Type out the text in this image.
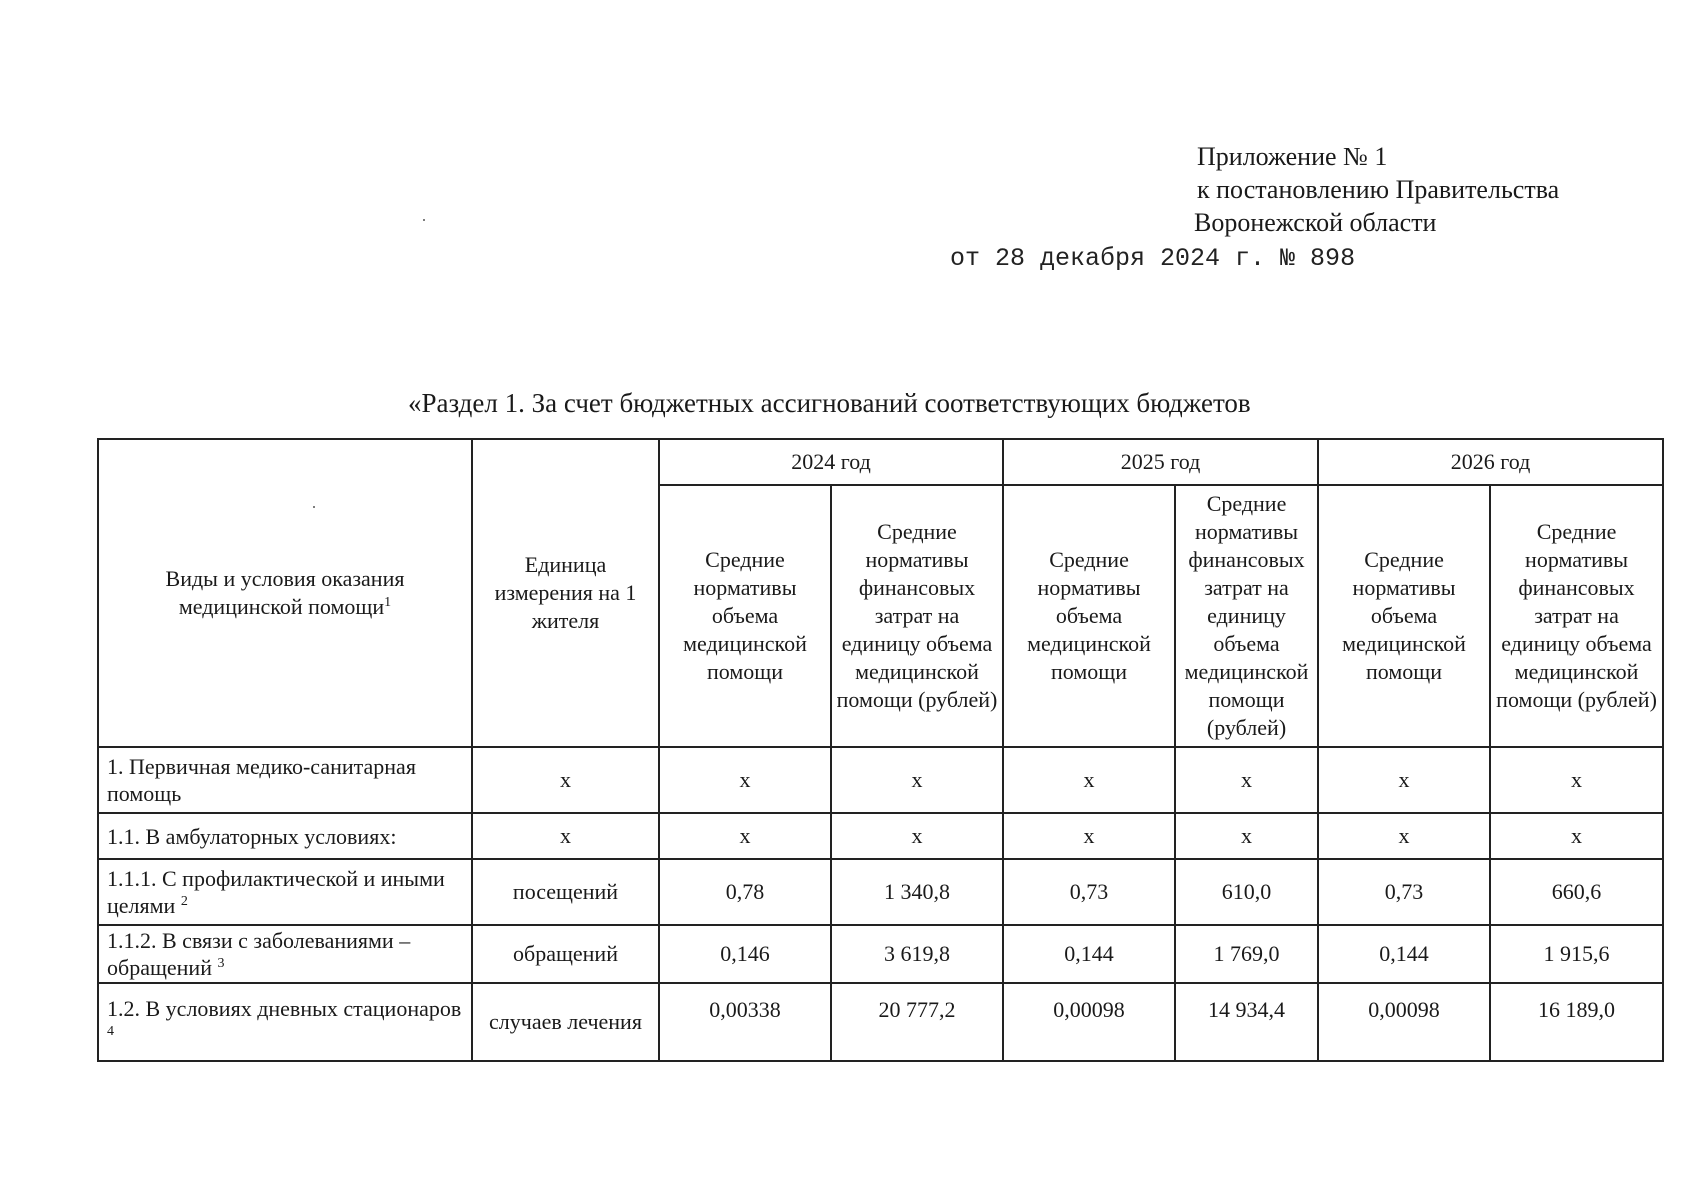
Приложение № 1
к постановлению Правительства
Воронежской области
от 28 декабря 2024 г. № 898
«Раздел 1. За счет бюджетных ассигнований соответствующих бюджетов
Виды и условия оказания медицинской помощи$^1$	Единица измерения на 1 жителя	2024 год		2025 год		2026 год	
		Средние нормативы объема медицинской помощи	Средние нормативы финансовых затрат на единицу объема медицинской помощи (рублей)	Средние нормативы объема медицинской помощи	Средние нормативы финансовых затрат на единицу объема медицинской помощи (рублей)	Средние нормативы объема медицинской помощи	Средние нормативы финансовых затрат на единицу объема медицинской помощи (рублей)
1. Первичная медико-санитарная помощь	х	х	х	х	х	х	х
1.1. В амбулаторных условиях:	х	х	х	х	х	х	х
1.1.1. С профилактической и иными целями $^2$	посещений	0,78	1 340,8	0,73	610,0	0,73	660,6
1.1.2. В связи с заболеваниями – обращений $^3$	обращений	0,146	3 619,8	0,144	1 769,0	0,144	1 915,6
1.2. В условиях дневных стационаров $^4$	случаев лечения	0,00338	20 777,2	0,00098	14 934,4	0,00098	16 189,0
